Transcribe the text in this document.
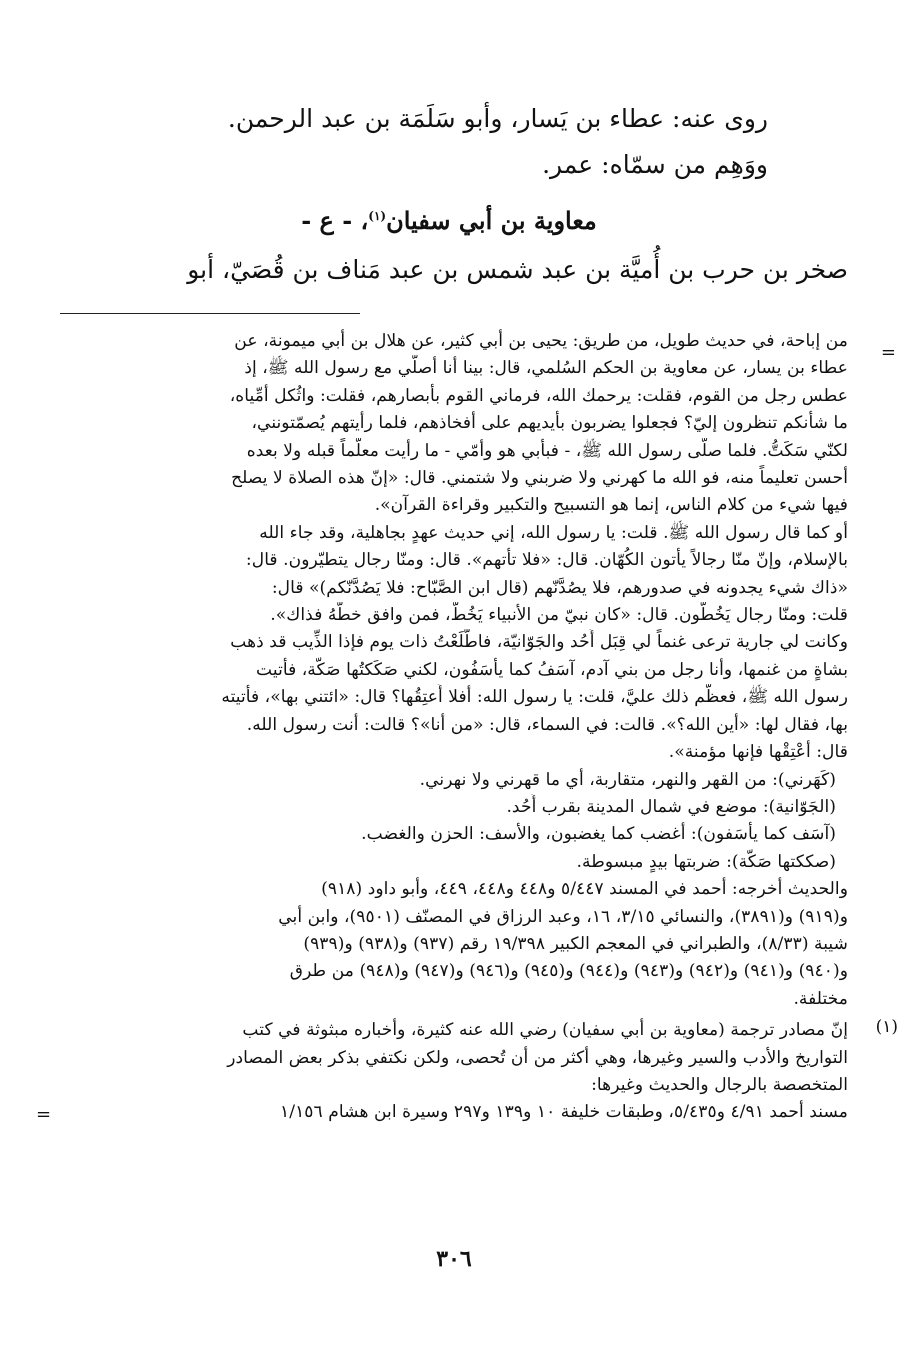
روى عنه: عطاء بن يَسار، وأبو سَلَمَة بن عبد الرحمن.
ووَهِم من سمّاه: عمر.
معاوية بن أبي سفيان$^{(١)}$، - ع -
صخر بن حرب بن أُميَّة بن عبد شمس بن عبد مَناف بن قُصَيّ، أبو
=
من إباحة، في حديث طويل، من طريق: يحيى بن أبي كثير، عن هلال بن أبي ميمونة، عن
عطاء بن يسار، عن معاوية بن الحكم السُلمي، قال: بينا أنا أصلّي مع رسول الله ﷺ، إذ
عطس رجل من القوم، فقلت: يرحمك الله، فرماني القوم بأبصارهم، فقلت: واثُكل أمِّياه،
ما شأنكم تنظرون إليّ؟ فجعلوا يضربون بأيديهم على أفخاذهم، فلما رأيتهم يُصمّتونني،
لكنّي سَكَتُّ. فلما صلّى رسول الله ﷺ، - فبأبي هو وأمّي - ما رأيت معلّماً قبله ولا بعده
أحسن تعليماً منه، فو الله ما كهرني ولا ضربني ولا شتمني. قال: «إنّ هذه الصلاة لا يصلح
فيها شيء من كلام الناس، إنما هو التسبيح والتكبير وقراءة القرآن».
أو كما قال رسول الله ﷺ. قلت: يا رسول الله، إني حديث عهدٍ بجاهلية، وقد جاء الله
بالإسلام، وإنّ منّا رجالاً يأتون الكُهّان. قال: «فلا تأتهم». قال: ومنّا رجال يتطيّرون. قال:
«ذاك شيء يجدونه في صدورهم، فلا يصُدَّنّهم (قال ابن الصَّبّاح: فلا يَصُدَّنّكم)» قال:
قلت: ومنّا رجال يَخُطّون. قال: «كان نبيّ من الأنبياء يَخُطّ، فمن وافق خطَّهُ فذاك».
وكانت لي جارية ترعى غنماً لي قِبَل أُحُد والجَوّانيّة، فاطَّلَعْتُ ذات يوم فإذا الذِّيب قد ذهب
بشاةٍ من غنمها، وأنا رجل من بني آدم، آسَفُ كما يأسَفُون، لكني صَكَكتُها صَكَّة، فأتيت
رسول الله ﷺ، فعظّم ذلك عليَّ، قلت: يا رسول الله: أفلا أُعتِقُها؟ قال: «ائتني بها»، فأتيته
بها، فقال لها: «أين الله؟». قالت: في السماء، قال: «من أنا»؟ قالت: أنت رسول الله.
قال: أعْتِقْها فإنها مؤمنة».
(كَهَرني): من القهر والنهر، متقاربة، أي ما قهرني ولا نهرني.
(الجَوّانية): موضع في شمال المدينة بقرب أُحُد.
(آسَف كما يأسَفون): أغضب كما يغضبون، والأسف: الحزن والغضب.
(صككتها صَكّة): ضربتها بيدٍ مبسوطة.
والحديث أخرجه: أحمد في المسند ٥/٤٤٧ و٤٤٨ و٤٤٨، ٤٤٩، وأبو داود (٩١٨)
و(٩١٩) و(٣٨٩١)، والنسائي ٣/١٥، ١٦، وعبد الرزاق في المصنّف (٩٥٠١)، وابن أبي
شيبة (٨/٣٣)، والطبراني في المعجم الكبير ١٩/٣٩٨ رقم (٩٣٧) و(٩٣٨) و(٩٣٩)
و(٩٤٠) و(٩٤١) و(٩٤٢) و(٩٤٣) و(٩٤٤) و(٩٤٥) و(٩٤٦) و(٩٤٧) و(٩٤٨) من طرق
مختلفة.
(١)
إنّ مصادر ترجمة (معاوية بن أبي سفيان) رضي الله عنه كثيرة، وأخباره مبثوثة في كتب
التواريخ والأدب والسير وغيرها، وهي أكثر من أن تُحصى، ولكن نكتفي بذكر بعض المصادر
المتخصصة بالرجال والحديث وغيرها:
مسند أحمد ٤/٩١ و٥/٤٣٥، وطبقات خليفة ١٠ و١٣٩ و٢٩٧ وسيرة ابن هشام ١/١٥٦
=
٣٠٦
